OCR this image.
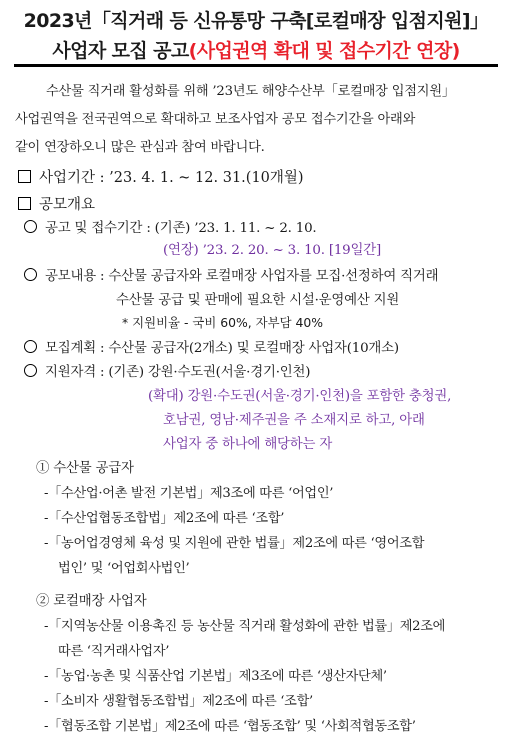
2023년「직거래 등 신유통망 구축[로컬매장 입점지원]」
사업자 모집 공고(사업권역 확대 및 접수기간 연장)
수산물 직거래 활성화를 위해 ’23년도 해양수산부「로컬매장 입점지원」
사업권역을 전국권역으로 확대하고 보조사업자 공모 접수기간을 아래와
같이 연장하오니 많은 관심과 참여 바랍니다.
사업기간 : ’23. 4. 1. ~ 12. 31.(10개월)
공모개요
공고 및 접수기간 : (기존) ’23. 1. 11. ~ 2. 10.
(연장) ’23. 2. 20. ~ 3. 10. [19일간]
공모내용 : 수산물 공급자와 로컬매장 사업자를 모집·선정하여 직거래
수산물 공급 및 판매에 필요한 시설·운영예산 지원
* 지원비율 - 국비 60%, 자부담 40%
모집계획 : 수산물 공급자(2개소) 및 로컬매장 사업자(10개소)
지원자격 : (기존) 강원·수도권(서울·경기·인천)
(확대) 강원·수도권(서울·경기·인천)을 포함한 충청권,
호남권, 영남·제주권을 주 소재지로 하고, 아래
사업자 중 하나에 해당하는 자
① 수산물 공급자
-「수산업·어촌 발전 기본법」제3조에 따른 ‘어업인’
-「수산업협동조합법」제2조에 따른 ‘조합’
-「농어업경영체 육성 및 지원에 관한 법률」제2조에 따른 ‘영어조합
법인’ 및 ‘어업회사법인’
② 로컬매장 사업자
-「지역농산물 이용촉진 등 농산물 직거래 활성화에 관한 법률」제2조에
따른 ‘직거래사업자’
-「농업·농촌 및 식품산업 기본법」제3조에 따른 ‘생산자단체’
-「소비자 생활협동조합법」제2조에 따른 ‘조합’
-「협동조합 기본법」제2조에 따른 ‘협동조합’ 및 ‘사회적협동조합’
